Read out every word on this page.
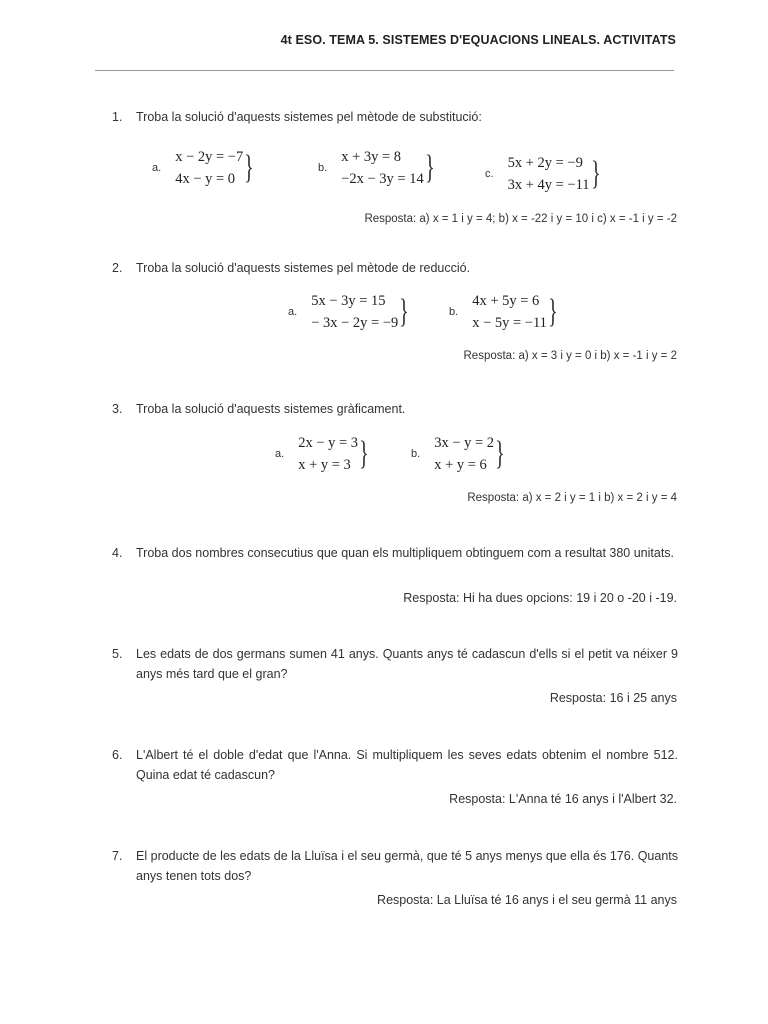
4t ESO. TEMA 5. SISTEMES D'EQUACIONS LINEALS. ACTIVITATS
1. Troba la solució d'aquests sistemes pel mètode de substitució:
a.
x − 2y = −7
4x − y = 0 }	b.
x + 3y = 8
−2x − 3y = 14 }	c.
5x + 2y = −9
3x + 4y = −11 }
Resposta: a) x = 1 i y = 4; b) x = -22 i y = 10 i c) x = -1 i y = -2
2. Troba la solució d'aquests sistemes pel mètode de reducció.
a.
5x − 3y = 15
− 3x − 2y = −9 }	b.
4x + 5y = 6
x − 5y = −11 }
Resposta: a) x = 3 i y = 0 i b) x = -1 i y = 2
3. Troba la solució d'aquests sistemes gràficament.
a.
2x − y = 3
x + y = 3 }	b.
3x − y = 2
x + y = 6 }
Resposta: a) x = 2 i y = 1 i b) x = 2 i y = 4
4. Troba dos nombres consecutius que quan els multipliquem obtinguem com a resultat 380 unitats.
Resposta: Hi ha dues opcions: 19 i 20 o -20 i -19.
5. Les edats de dos germans sumen 41 anys. Quants anys té cadascun d'ells si el petit va néixer 9 anys més tard que el gran?
Resposta: 16 i 25 anys
6. L'Albert té el doble d'edat que l'Anna. Si multipliquem les seves edats obtenim el nombre 512. Quina edat té cadascun?
Resposta: L'Anna té 16 anys i l'Albert 32.
7. El producte de les edats de la Lluïsa i el seu germà, que té 5 anys menys que ella és 176. Quants anys tenen tots dos?
Resposta: La Lluïsa té 16 anys i el seu germà 11 anys
